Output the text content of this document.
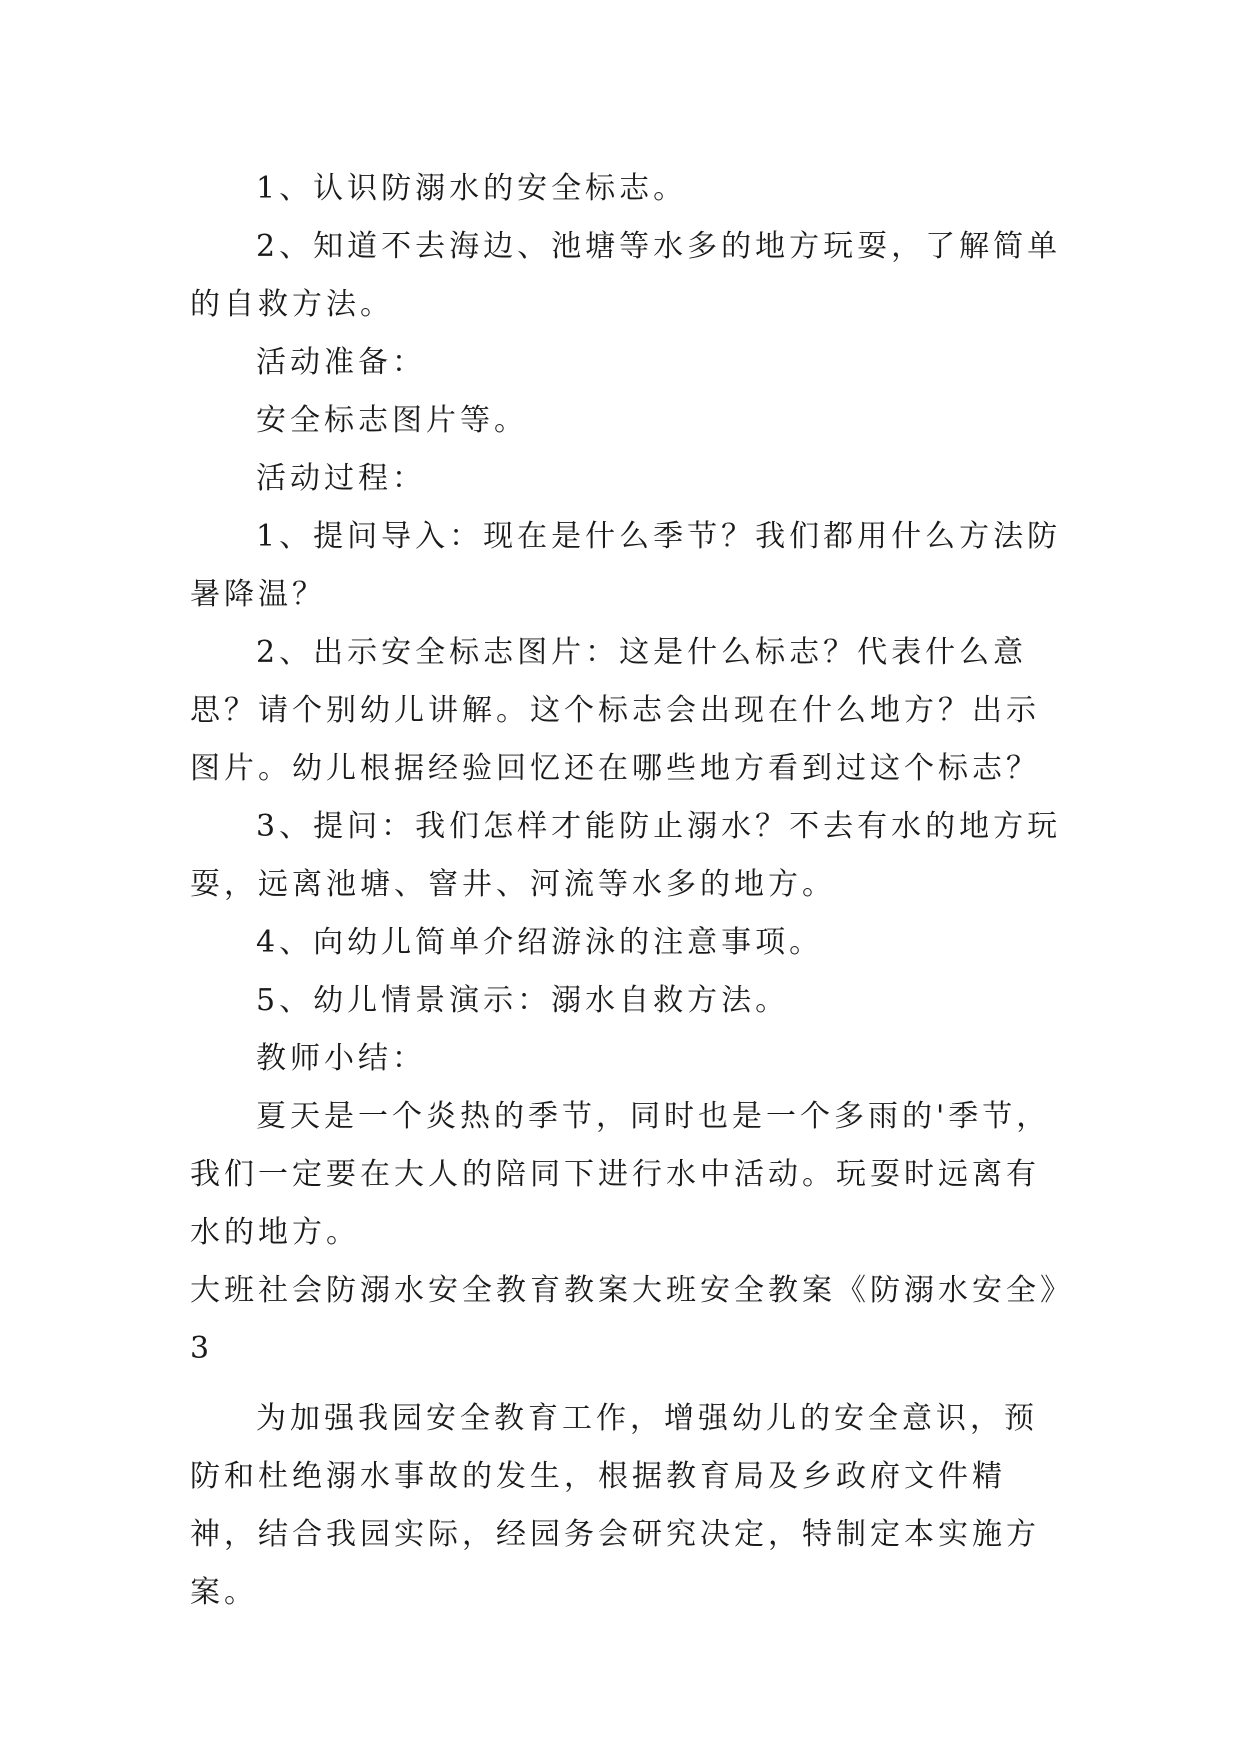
1、认识防溺水的安全标志。

2、知道不去海边、池塘等水多的地方玩耍，了解简单的自救方法。

活动准备：

安全标志图片等。

活动过程：

1、提问导入：现在是什么季节？我们都用什么方法防暑降温？

2、出示安全标志图片：这是什么标志？代表什么意思？请个别幼儿讲解。这个标志会出现在什么地方？出示图片。幼儿根据经验回忆还在哪些地方看到过这个标志？

3、提问：我们怎样才能防止溺水？不去有水的地方玩耍，远离池塘、窨井、河流等水多的地方。

4、向幼儿简单介绍游泳的注意事项。

5、幼儿情景演示：溺水自救方法。

教师小结：

夏天是一个炎热的季节，同时也是一个多雨的'季节，我们一定要在大人的陪同下进行水中活动。玩耍时远离有水的地方。

大班社会防溺水安全教育教案大班安全教案《防溺水安全》3

为加强我园安全教育工作，增强幼儿的安全意识，预防和杜绝溺水事故的发生，根据教育局及乡政府文件精神，结合我园实际，经园务会研究决定，特制定本实施方案。
